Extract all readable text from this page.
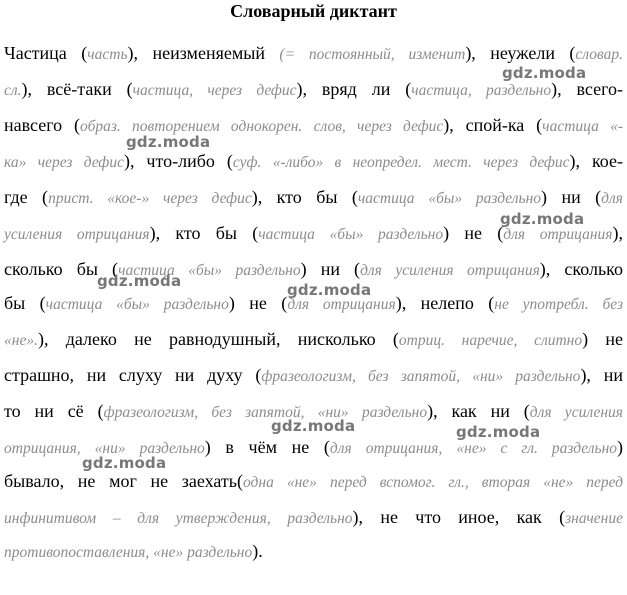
Словарный диктант
Частица (часть), неизменяемый (= постоянный, изменит), неужели (словар.
сл.), всё-таки (частица, через дефис), вряд ли (частица, раздельно), всего-
навсего (образ. повторением однокорен. слов, через дефис), спой-ка (частица «-
ка» через дефис), что-либо (суф. «-либо» в неопредел. мест. через дефис), кое-
где (прист. «кое-» через дефис), кто бы (частица «бы» раздельно) ни (для
усиления отрицания), кто бы (частица «бы» раздельно) не (для отрицания),
сколько бы (частица «бы» раздельно) ни (для усиления отрицания), сколько
бы (частица «бы» раздельно) не (для отрицания), нелепо (не употребл. без
«не».), далеко не равнодушный, нисколько (отриц. наречие, слитно) не
страшно, ни слуху ни духу (фразеологизм, без запятой, «ни» раздельно), ни
то ни сё (фразеологизм, без запятой, «ни» раздельно), как ни (для усиления
отрицания, «ни» раздельно) в чём не (для отрицания, «не» с гл. раздельно)
бывало, не мог не заехать(одна «не» перед вспомог. гл., вторая «не» перед
инфинитивом – для утверждения, раздельно), не что иное, как (значение
противопоставления, «не» раздельно).
gdz.moda
gdz.moda
gdz.moda
gdz.moda	gdz.moda
gdz.moda	gdz.moda
gdz.moda
